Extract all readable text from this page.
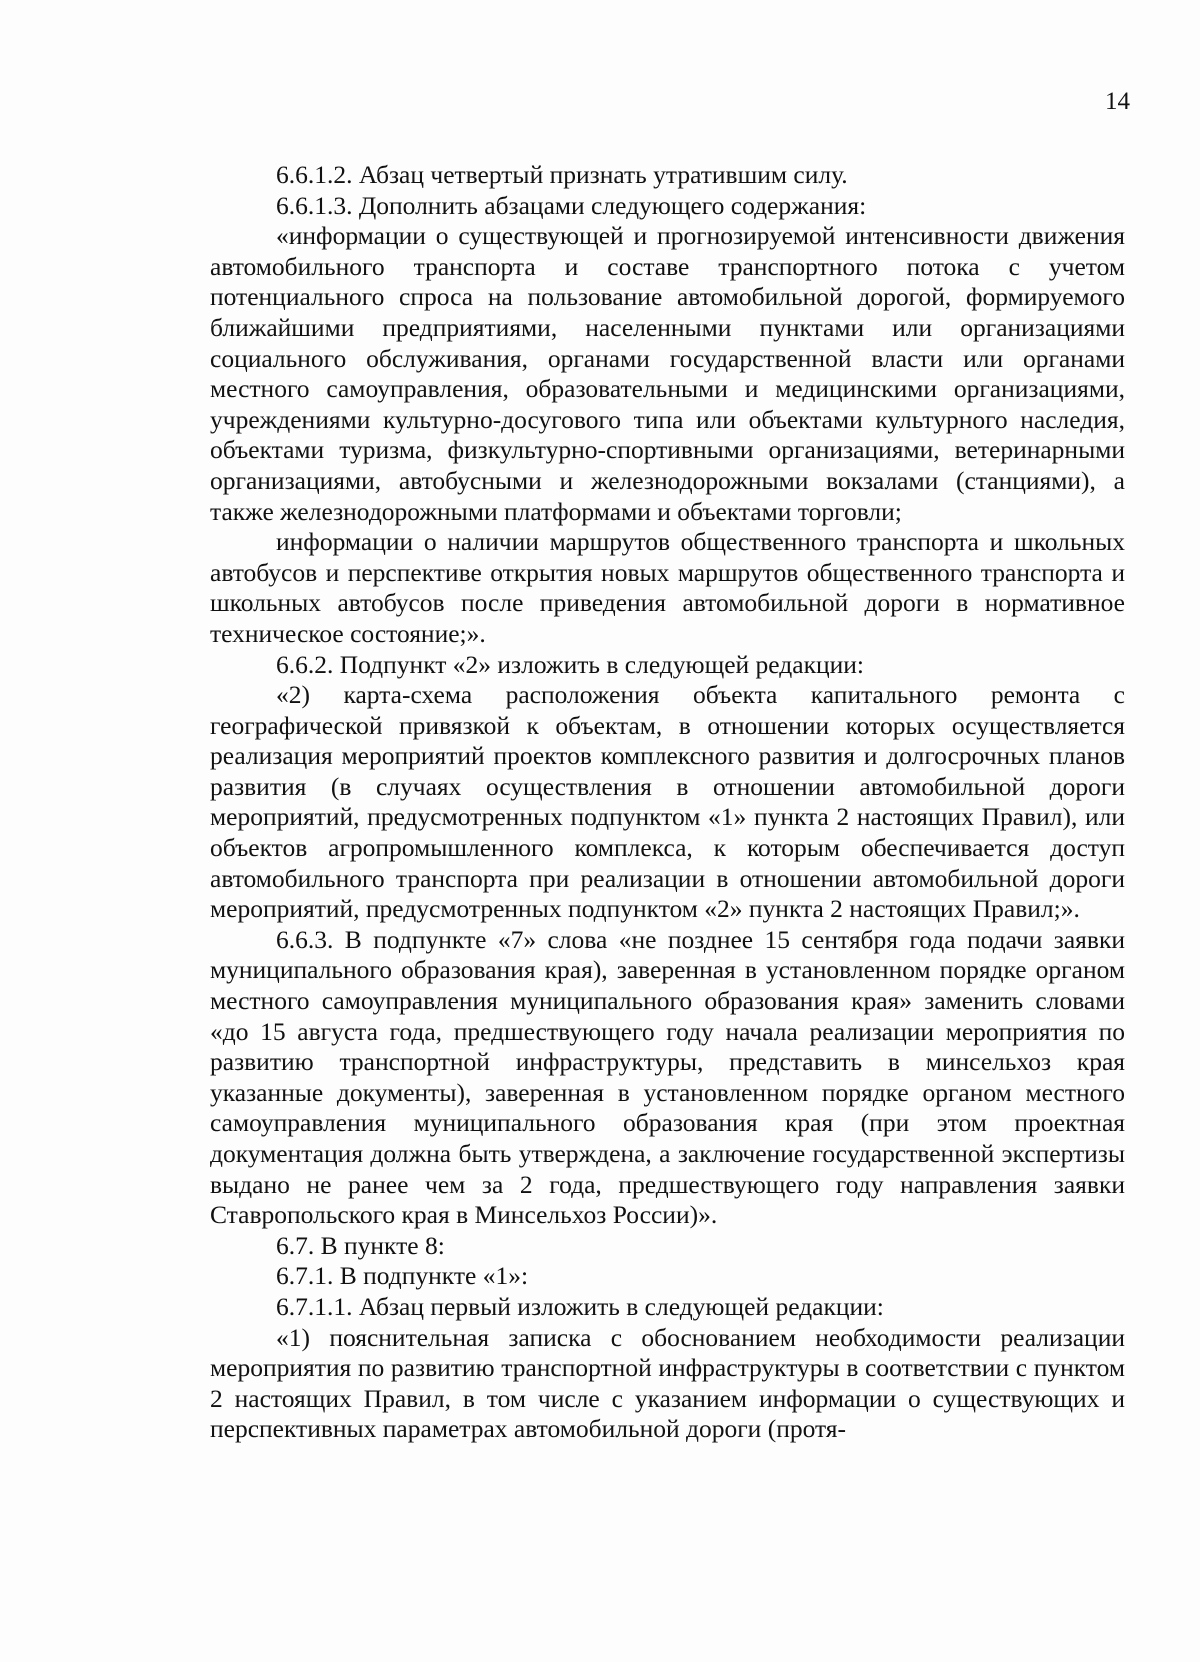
14

6.6.1.2. Абзац четвертый признать утратившим силу.

6.6.1.3. Дополнить абзацами следующего содержания:

«информации о существующей и прогнозируемой интенсивности движения автомобильного транспорта и составе транспортного потока с учетом потенциального спроса на пользование автомобильной дорогой, формируемого ближайшими предприятиями, населенными пунктами или организациями социального обслуживания, органами государственной власти или органами местного самоуправления, образовательными и медицинскими организациями, учреждениями культурно-досугового типа или объектами культурного наследия, объектами туризма, физкультурно-спортивными организациями, ветеринарными организациями, автобусными и железнодорожными вокзалами (станциями), а также железнодорожными платформами и объектами торговли;

информации о наличии маршрутов общественного транспорта и школьных автобусов и перспективе открытия новых маршрутов общественного транспорта и школьных автобусов после приведения автомобильной дороги в нормативное техническое состояние;».

6.6.2. Подпункт «2» изложить в следующей редакции:

«2) карта-схема расположения объекта капитального ремонта с географической привязкой к объектам, в отношении которых осуществляется реализация мероприятий проектов комплексного развития и долгосрочных планов развития (в случаях осуществления в отношении автомобильной дороги мероприятий, предусмотренных подпунктом «1» пункта 2 настоящих Правил), или объектов агропромышленного комплекса, к которым обеспечивается доступ автомобильного транспорта при реализации в отношении автомобильной дороги мероприятий, предусмотренных подпунктом «2» пункта 2 настоящих Правил;».

6.6.3. В подпункте «7» слова «не позднее 15 сентября года подачи заявки муниципального образования края), заверенная в установленном порядке органом местного самоуправления муниципального образования края» заменить словами «до 15 августа года, предшествующего году начала реализации мероприятия по развитию транспортной инфраструктуры, представить в минсельхоз края указанные документы), заверенная в установленном порядке органом местного самоуправления муниципального образования края (при этом проектная документация должна быть утверждена, а заключение государственной экспертизы выдано не ранее чем за 2 года, предшествующего году направления заявки Ставропольского края в Минсельхоз России)».

6.7. В пункте 8:

6.7.1. В подпункте «1»:

6.7.1.1. Абзац первый изложить в следующей редакции:

«1) пояснительная записка с обоснованием необходимости реализации мероприятия по развитию транспортной инфраструктуры в соответствии с пунктом 2 настоящих Правил, в том числе с указанием информации о существующих и перспективных параметрах автомобильной дороги (протя-
